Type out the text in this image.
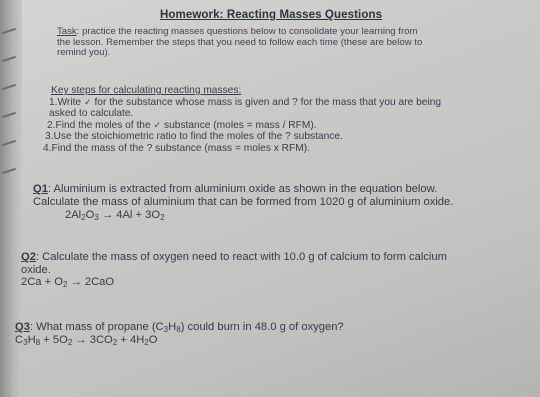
Homework: Reacting Masses Questions
Task: practice the reacting masses questions below to consolidate your learning from
the lesson. Remember the steps that you need to follow each time (these are below to
remind you).
Key steps for calculating reacting masses:
1.Write ✓ for the substance whose mass is given and ? for the mass that you are being
asked to calculate.
2.Find the moles of the ✓ substance (moles = mass / RFM).
3.Use the stoichiometric ratio to find the moles of the ? substance.
4.Find the mass of the ? substance (mass = moles x RFM).
Q1: Aluminium is extracted from aluminium oxide as shown in the equation below.
Calculate the mass of aluminium that can be formed from 1020 g of aluminium oxide.
$2Al_2O_3 \to 4Al + 3O_2$
Q2: Calculate the mass of oxygen need to react with 10.0 g of calcium to form calcium
oxide.
$2Ca + O_2 \to 2CaO$
Q3: What mass of propane $(C_3H_8)$ could burn in 48.0 g of oxygen?
$C_3H_8 + 5O_2 \to 3CO_2 + 4H_2O$
